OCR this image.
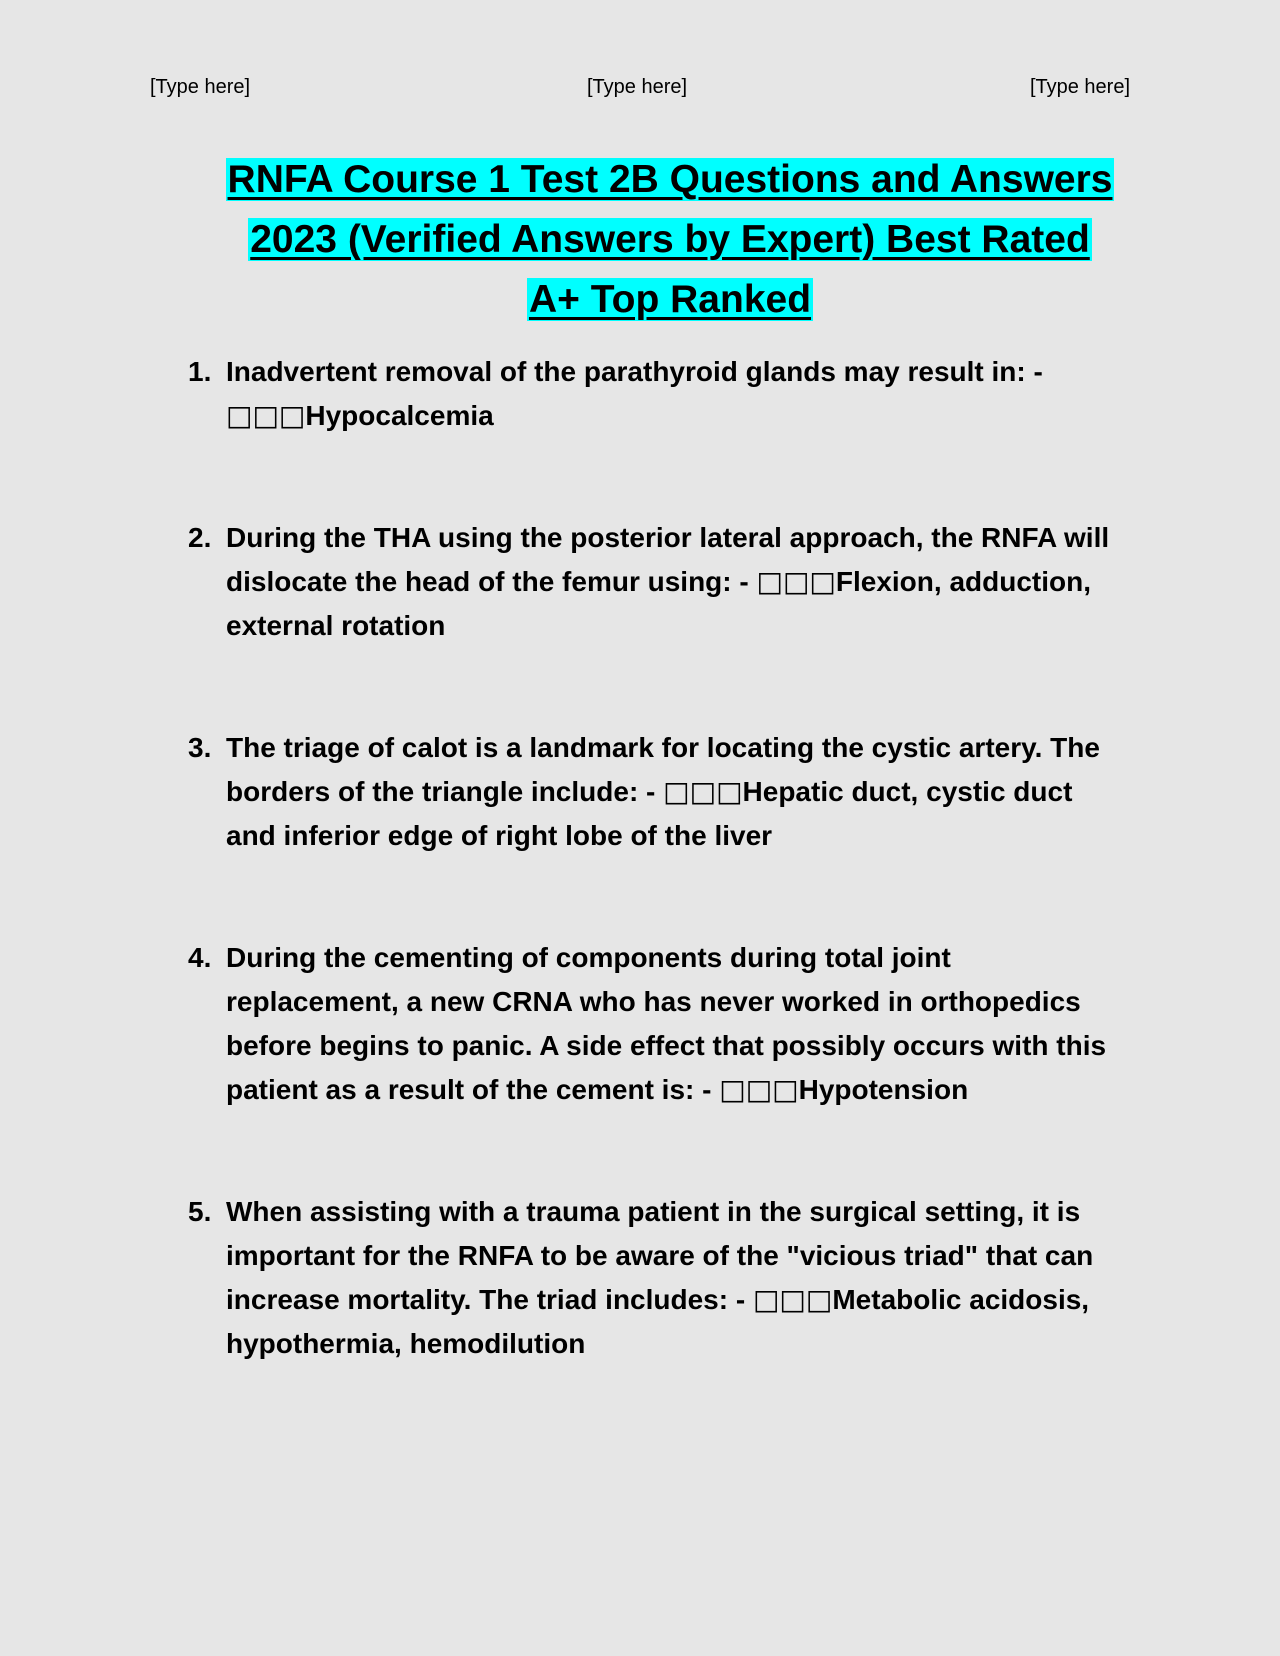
[Type here]	[Type here]	[Type here]
RNFA Course 1 Test 2B Questions and Answers
2023 (Verified Answers by Expert) Best Rated
A+ Top Ranked
1. Inadvertent removal of the parathyroid glands may result in: - □□□Hypocalcemia
2. During the THA using the posterior lateral approach, the RNFA will dislocate the head of the femur using: - □□□Flexion, adduction, external rotation
3. The triage of calot is a landmark for locating the cystic artery. The borders of the triangle include: - □□□Hepatic duct, cystic duct and inferior edge of right lobe of the liver
4. During the cementing of components during total joint replacement, a new CRNA who has never worked in orthopedics before begins to panic. A side effect that possibly occurs with this patient as a result of the cement is: - □□□Hypotension
5. When assisting with a trauma patient in the surgical setting, it is important for the RNFA to be aware of the "vicious triad" that can increase mortality. The triad includes: - □□□Metabolic acidosis, hypothermia, hemodilution
